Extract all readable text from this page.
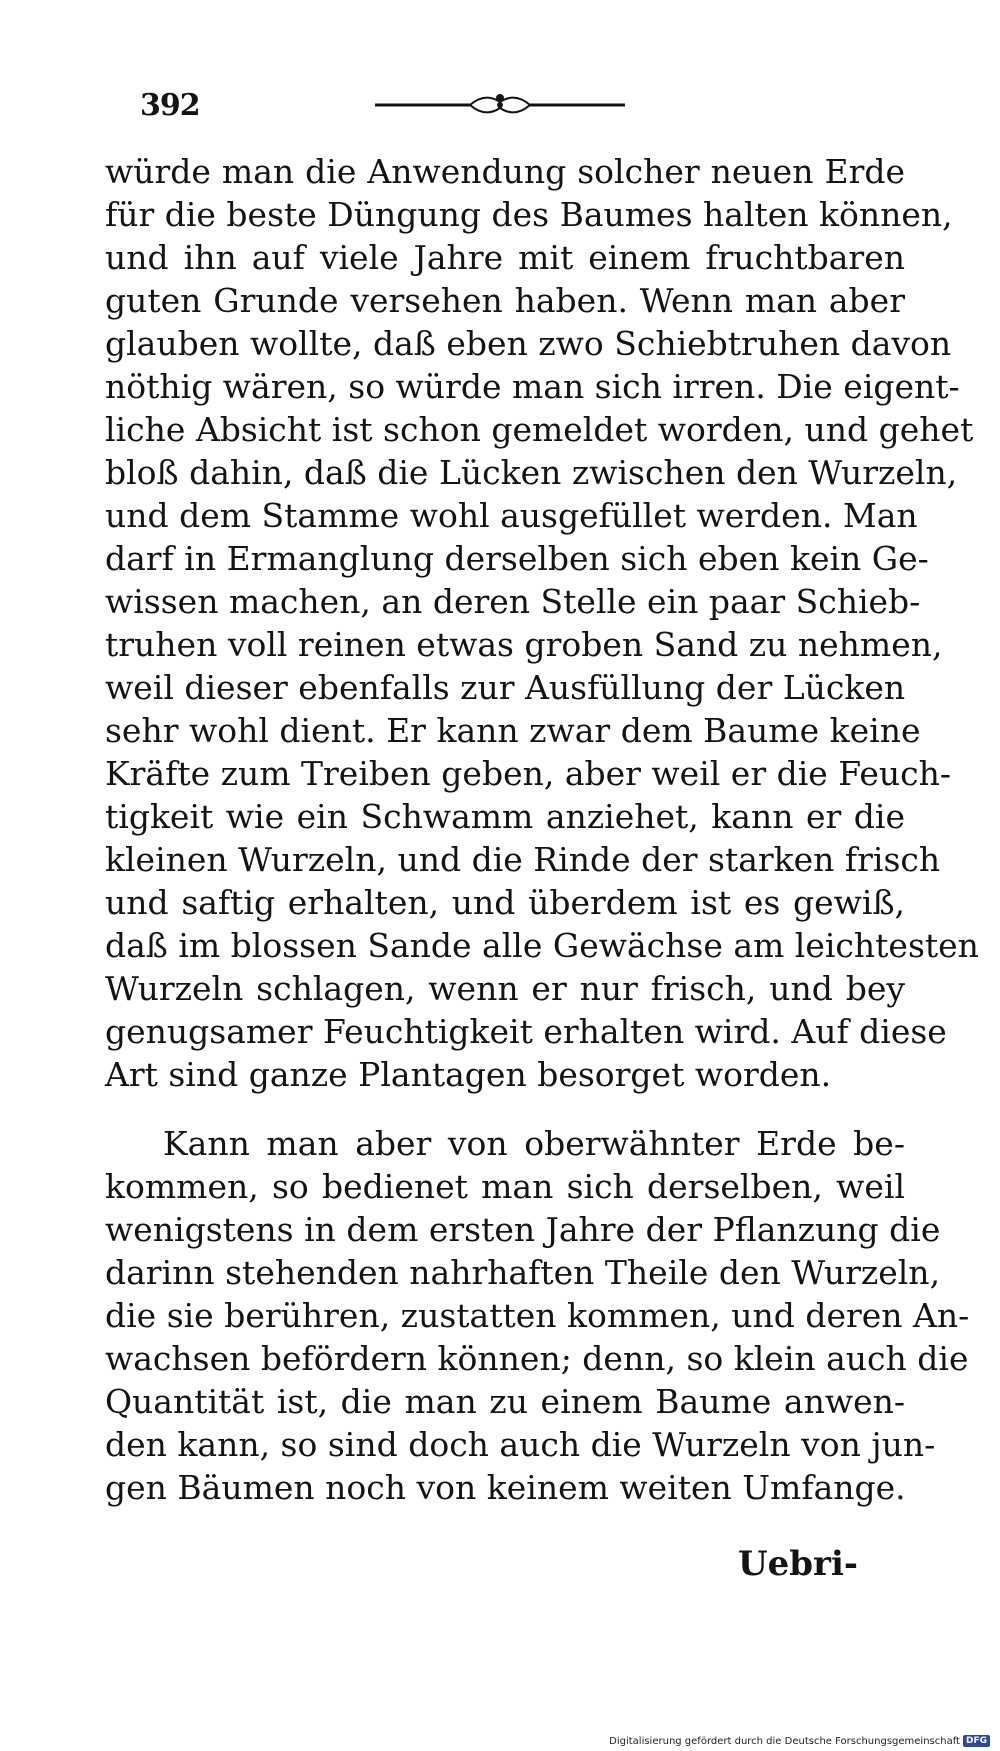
392
würde man die Anwendung solcher neuen Erde
für die beste Düngung des Baumes halten können,
und ihn auf viele Jahre mit einem fruchtbaren
guten Grunde versehen haben. Wenn man aber
glauben wollte, daß eben zwo Schiebtruhen davon
nöthig wären, so würde man sich irren. Die eigent-
liche Absicht ist schon gemeldet worden, und gehet
bloß dahin, daß die Lücken zwischen den Wurzeln,
und dem Stamme wohl ausgefüllet werden. Man
darf in Ermanglung derselben sich eben kein Ge-
wissen machen, an deren Stelle ein paar Schieb-
truhen voll reinen etwas groben Sand zu nehmen,
weil dieser ebenfalls zur Ausfüllung der Lücken
sehr wohl dient. Er kann zwar dem Baume keine
Kräfte zum Treiben geben, aber weil er die Feuch-
tigkeit wie ein Schwamm anziehet, kann er die
kleinen Wurzeln, und die Rinde der starken frisch
und saftig erhalten, und überdem ist es gewiß,
daß im blossen Sande alle Gewächse am leichtesten
Wurzeln schlagen, wenn er nur frisch, und bey
genugsamer Feuchtigkeit erhalten wird. Auf diese
Art sind ganze Plantagen besorget worden.
Kann man aber von oberwähnter Erde be-
kommen, so bedienet man sich derselben, weil
wenigstens in dem ersten Jahre der Pflanzung die
darinn stehenden nahrhaften Theile den Wurzeln,
die sie berühren, zustatten kommen, und deren An-
wachsen befördern können; denn, so klein auch die
Quantität ist, die man zu einem Baume anwen-
den kann, so sind doch auch die Wurzeln von jun-
gen Bäumen noch von keinem weiten Umfange.
Uebri-
Digitalisierung gefördert durch die Deutsche Forschungsgemeinschaft DFG
